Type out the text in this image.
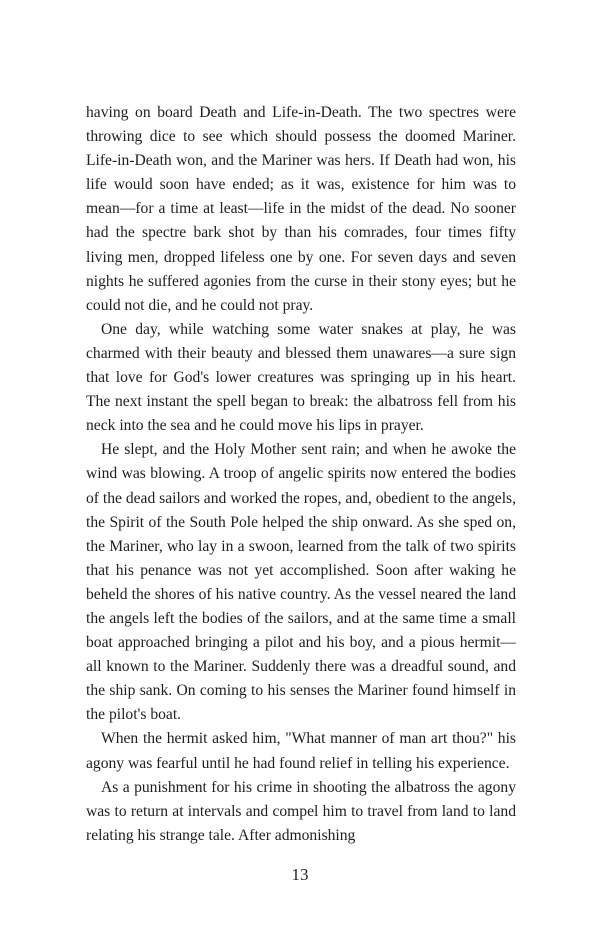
having on board Death and Life-in-Death. The two spectres were throwing dice to see which should possess the doomed Mariner. Life-in-Death won, and the Mariner was hers. If Death had won, his life would soon have ended; as it was, existence for him was to mean—for a time at least—life in the midst of the dead. No sooner had the spectre bark shot by than his comrades, four times fifty living men, dropped lifeless one by one. For seven days and seven nights he suffered agonies from the curse in their stony eyes; but he could not die, and he could not pray.

One day, while watching some water snakes at play, he was charmed with their beauty and blessed them unawares—a sure sign that love for God's lower creatures was springing up in his heart. The next instant the spell began to break: the albatross fell from his neck into the sea and he could move his lips in prayer.

He slept, and the Holy Mother sent rain; and when he awoke the wind was blowing. A troop of angelic spirits now entered the bodies of the dead sailors and worked the ropes, and, obedient to the angels, the Spirit of the South Pole helped the ship onward. As she sped on, the Mariner, who lay in a swoon, learned from the talk of two spirits that his penance was not yet accomplished. Soon after waking he beheld the shores of his native country. As the vessel neared the land the angels left the bodies of the sailors, and at the same time a small boat approached bringing a pilot and his boy, and a pious hermit—all known to the Mariner. Suddenly there was a dreadful sound, and the ship sank. On coming to his senses the Mariner found himself in the pilot's boat.

When the hermit asked him, "What manner of man art thou?" his agony was fearful until he had found relief in telling his experience.

As a punishment for his crime in shooting the albatross the agony was to return at intervals and compel him to travel from land to land relating his strange tale. After admonishing

13
